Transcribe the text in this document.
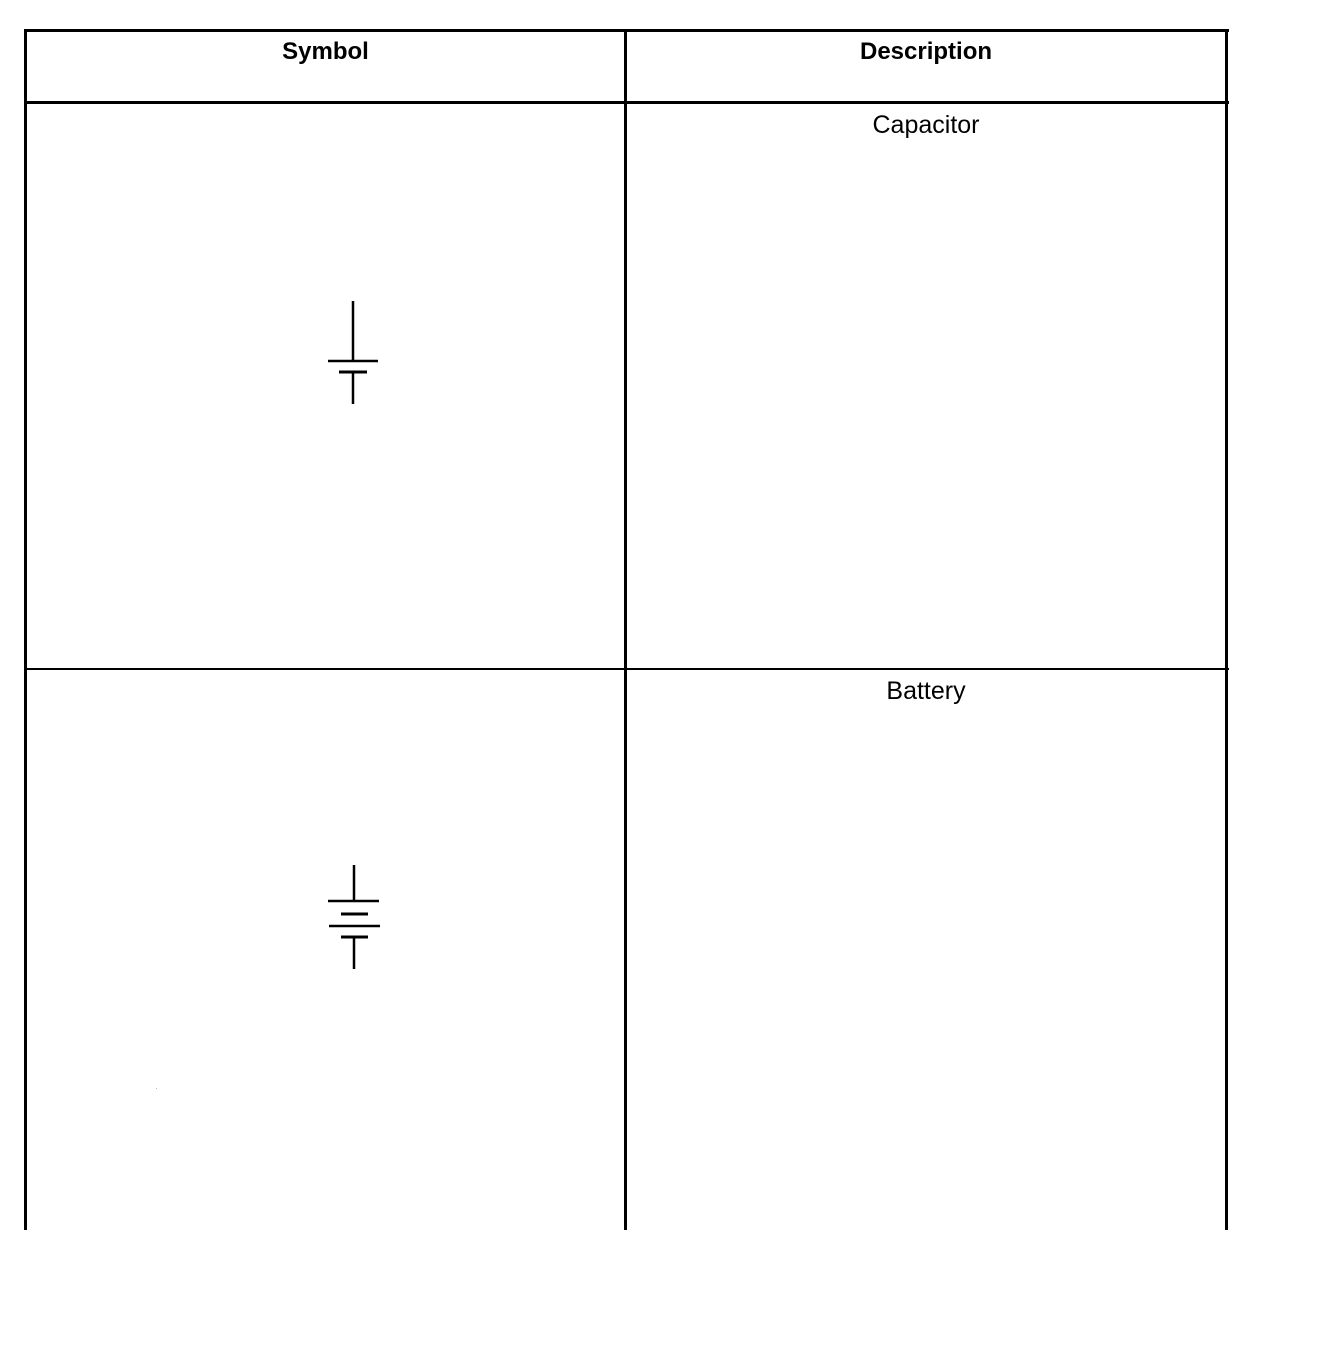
Symbol	Description
Capacitor
Battery
